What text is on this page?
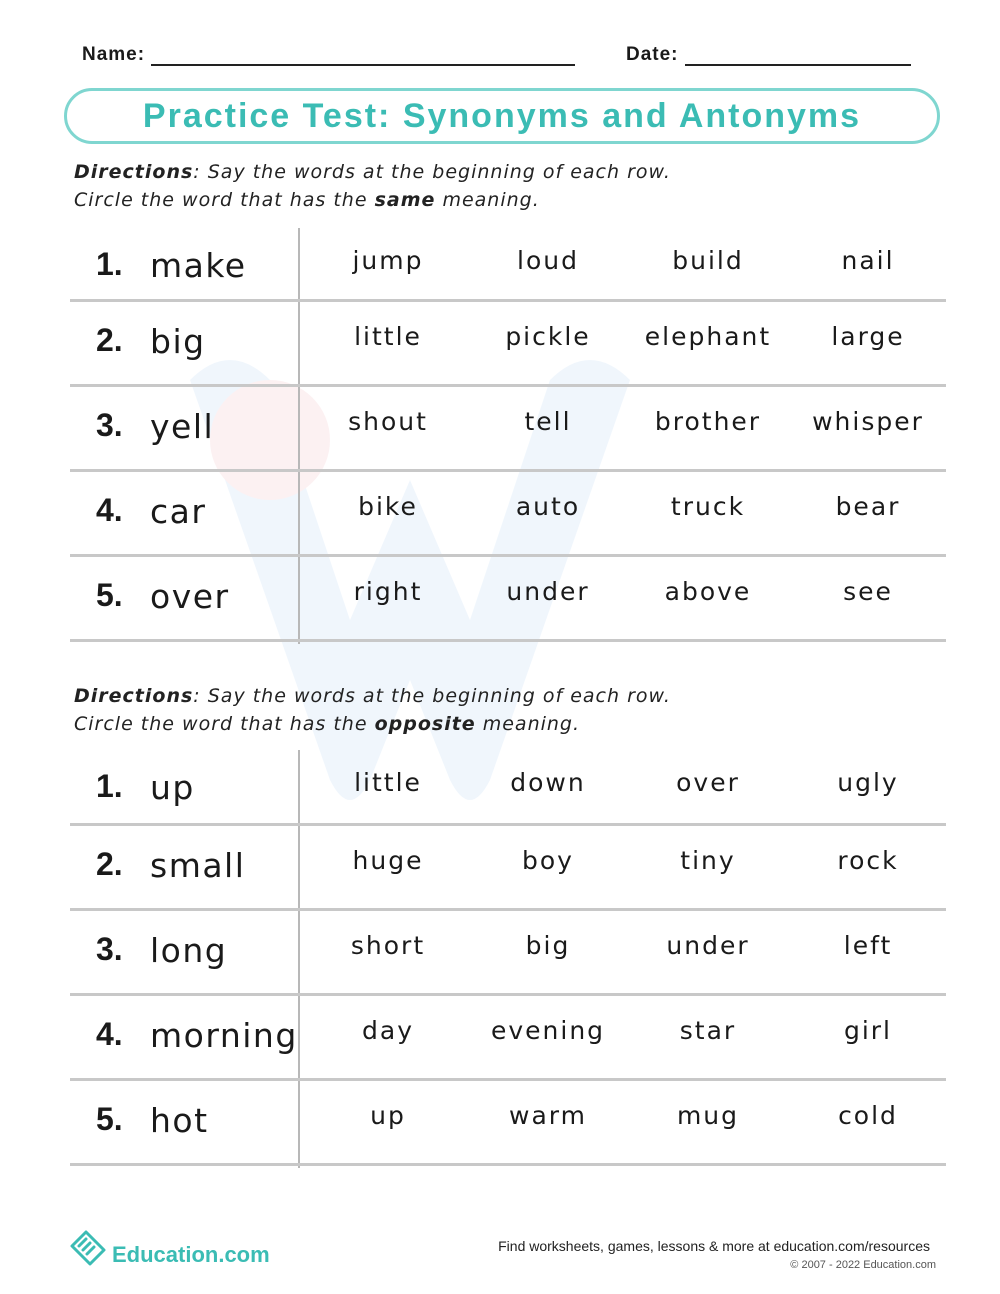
Name:	Date:
Practice Test: Synonyms and Antonyms
Directions: Say the words at the beginning of each row.
Circle the word that has the same meaning.
1. make	jump	loud	build	nail
2. big	little	pickle	elephant	large
3. yell	shout	tell	brother	whisper
4. car	bike	auto	truck	bear
5. over	right	under	above	see
Directions: Say the words at the beginning of each row.
Circle the word that has the opposite meaning.
1. up	little	down	over	ugly
2. small	huge	boy	tiny	rock
3. long	short	big	under	left
4. morning	day	evening	star	girl
5. hot	up	warm	mug	cold
Education.com	Find worksheets, games, lessons & more at education.com/resources
© 2007 - 2022 Education.com
